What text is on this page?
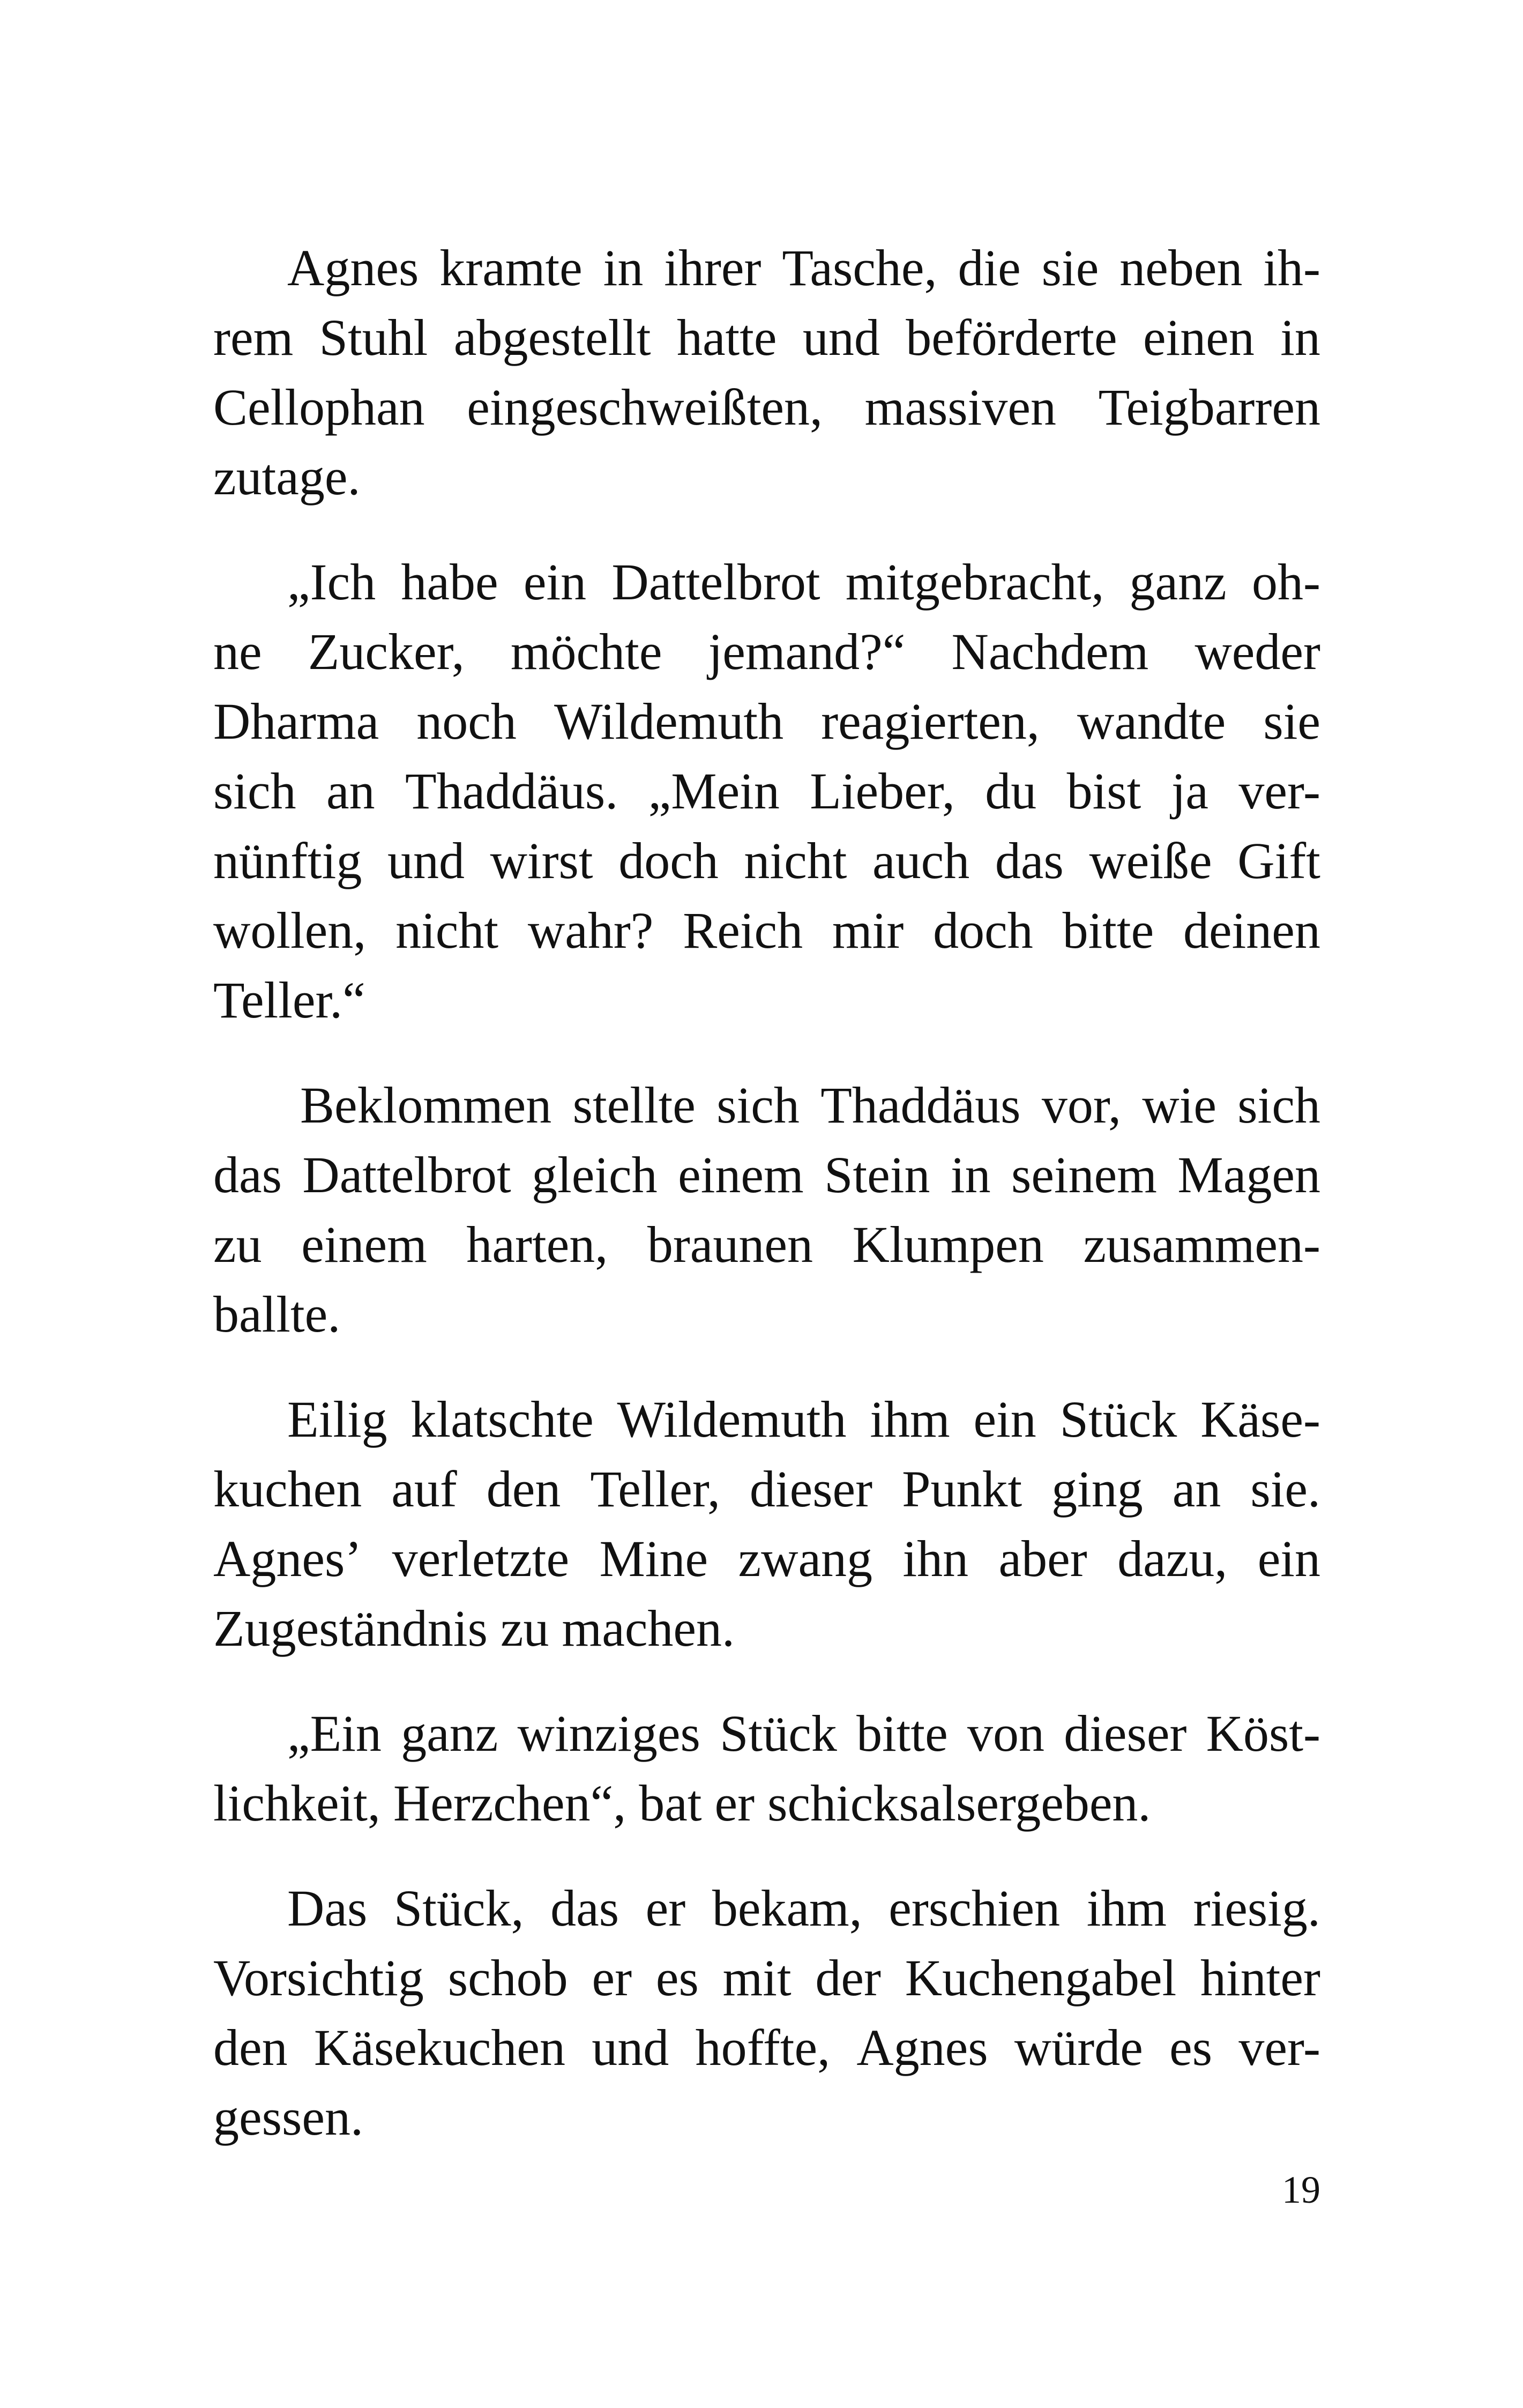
Agnes kramte in ihrer Tasche, die sie neben ih-
rem Stuhl abgestellt hatte und beförderte einen in
Cellophan eingeschweißten, massiven Teigbarren
zutage.
„Ich habe ein Dattelbrot mitgebracht, ganz oh-
ne Zucker, möchte jemand?“ Nachdem weder
Dharma noch Wildemuth reagierten, wandte sie
sich an Thaddäus. „Mein Lieber, du bist ja ver-
nünftig und wirst doch nicht auch das weiße Gift
wollen, nicht wahr? Reich mir doch bitte deinen
Teller.“
Beklommen stellte sich Thaddäus vor, wie sich
das Dattelbrot gleich einem Stein in seinem Magen
zu einem harten, braunen Klumpen zusammen-
ballte.
Eilig klatschte Wildemuth ihm ein Stück Käse-
kuchen auf den Teller, dieser Punkt ging an sie.
Agnes’ verletzte Mine zwang ihn aber dazu, ein
Zugeständnis zu machen.
„Ein ganz winziges Stück bitte von dieser Köst-
lichkeit, Herzchen“, bat er schicksalsergeben.
Das Stück, das er bekam, erschien ihm riesig.
Vorsichtig schob er es mit der Kuchengabel hinter
den Käsekuchen und hoffte, Agnes würde es ver-
gessen.
19
